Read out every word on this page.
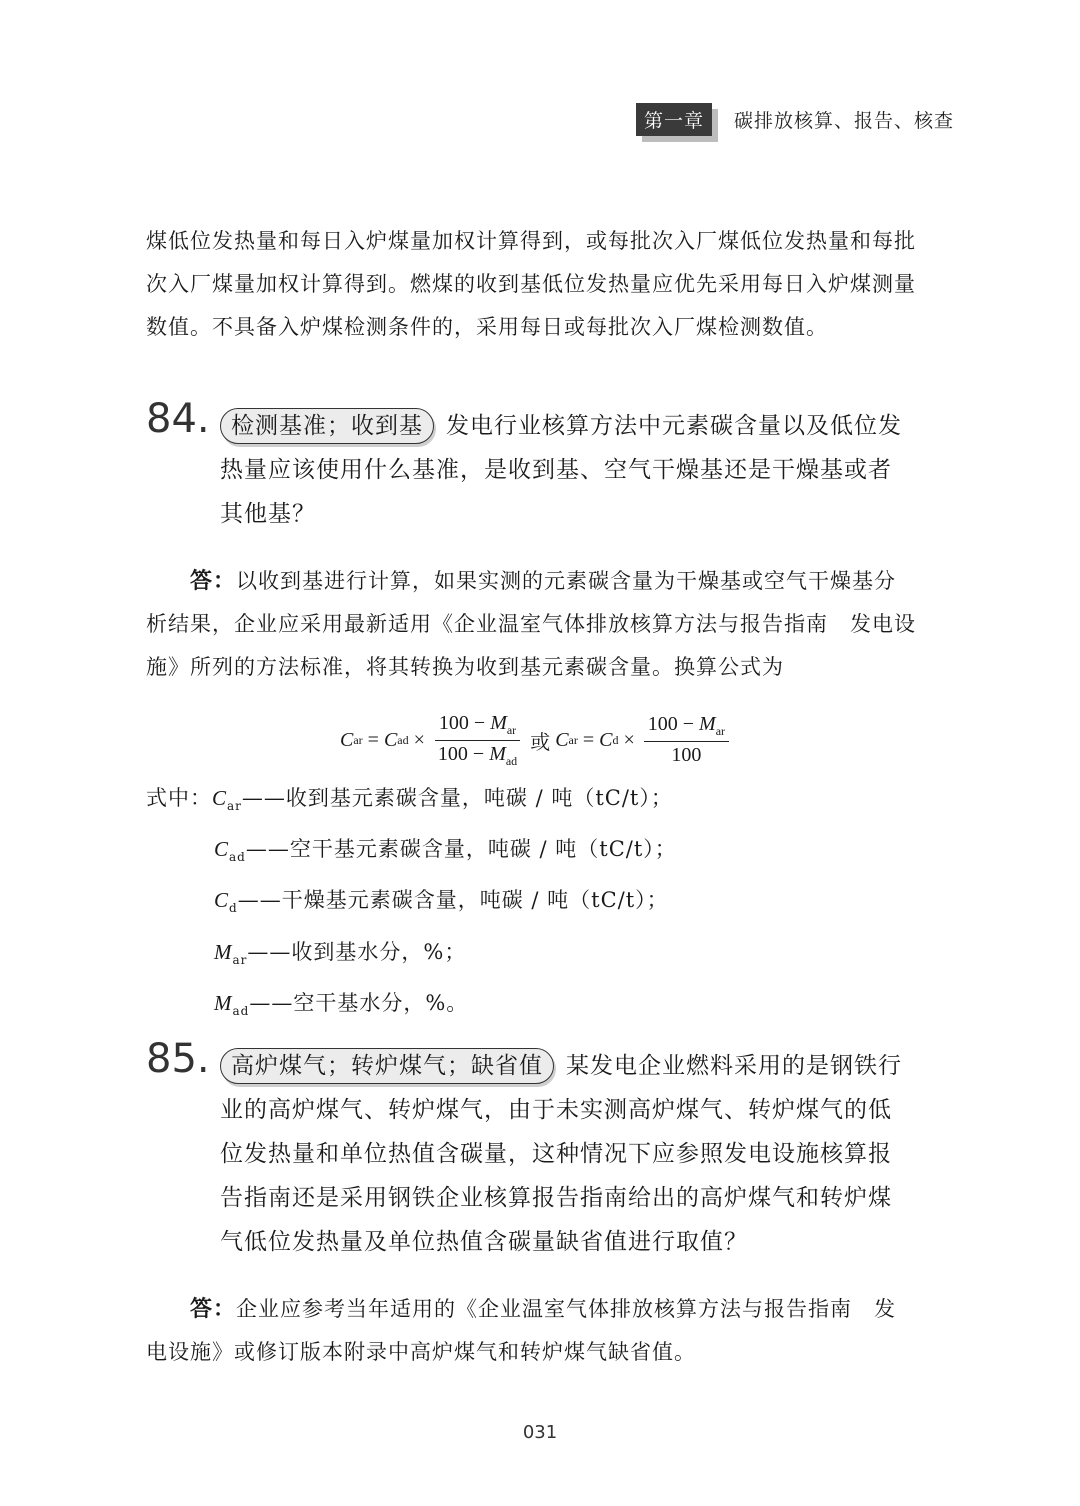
第一章	碳排放核算、报告、核查
煤低位发热量和每日入炉煤量加权计算得到，或每批次入厂煤低位发热量和每批
次入厂煤量加权计算得到。燃煤的收到基低位发热量应优先采用每日入炉煤测量
数值。不具备入炉煤检测条件的，采用每日或每批次入厂煤检测数值。
84. 检测基准；收到基 发电行业核算方法中元素碳含量以及低位发
热量应该使用什么基准，是收到基、空气干燥基还是干燥基或者
其他基？
答：以收到基进行计算，如果实测的元素碳含量为干燥基或空气干燥基分
析结果，企业应采用最新适用《企业温室气体排放核算方法与报告指南　发电设
施》所列的方法标准，将其转换为收到基元素碳含量。换算公式为
C ar = C ad × $\frac{100 - M_{ar}}{100 - M_{ad}}$ 或 C ar = C $d \times \frac{100 - M_{ar}}{100}$
式中：$C_{ar}——$收到基元素碳含量，吨碳 / 吨（tC/t）；
$C_{ad}——$空干基元素碳含量，吨碳 / 吨（tC/t）；
$C_d——$干燥基元素碳含量，吨碳 / 吨（tC/t）；
$M_{ar}——$收到基水分，%；
$M_{ad}——$空干基水分，%。
85. 高炉煤气；转炉煤气；缺省值 某发电企业燃料采用的是钢铁行
业的高炉煤气、转炉煤气，由于未实测高炉煤气、转炉煤气的低
位发热量和单位热值含碳量，这种情况下应参照发电设施核算报
告指南还是采用钢铁企业核算报告指南给出的高炉煤气和转炉煤
气低位发热量及单位热值含碳量缺省值进行取值？
答：企业应参考当年适用的《企业温室气体排放核算方法与报告指南　发
电设施》或修订版本附录中高炉煤气和转炉煤气缺省值。
031
